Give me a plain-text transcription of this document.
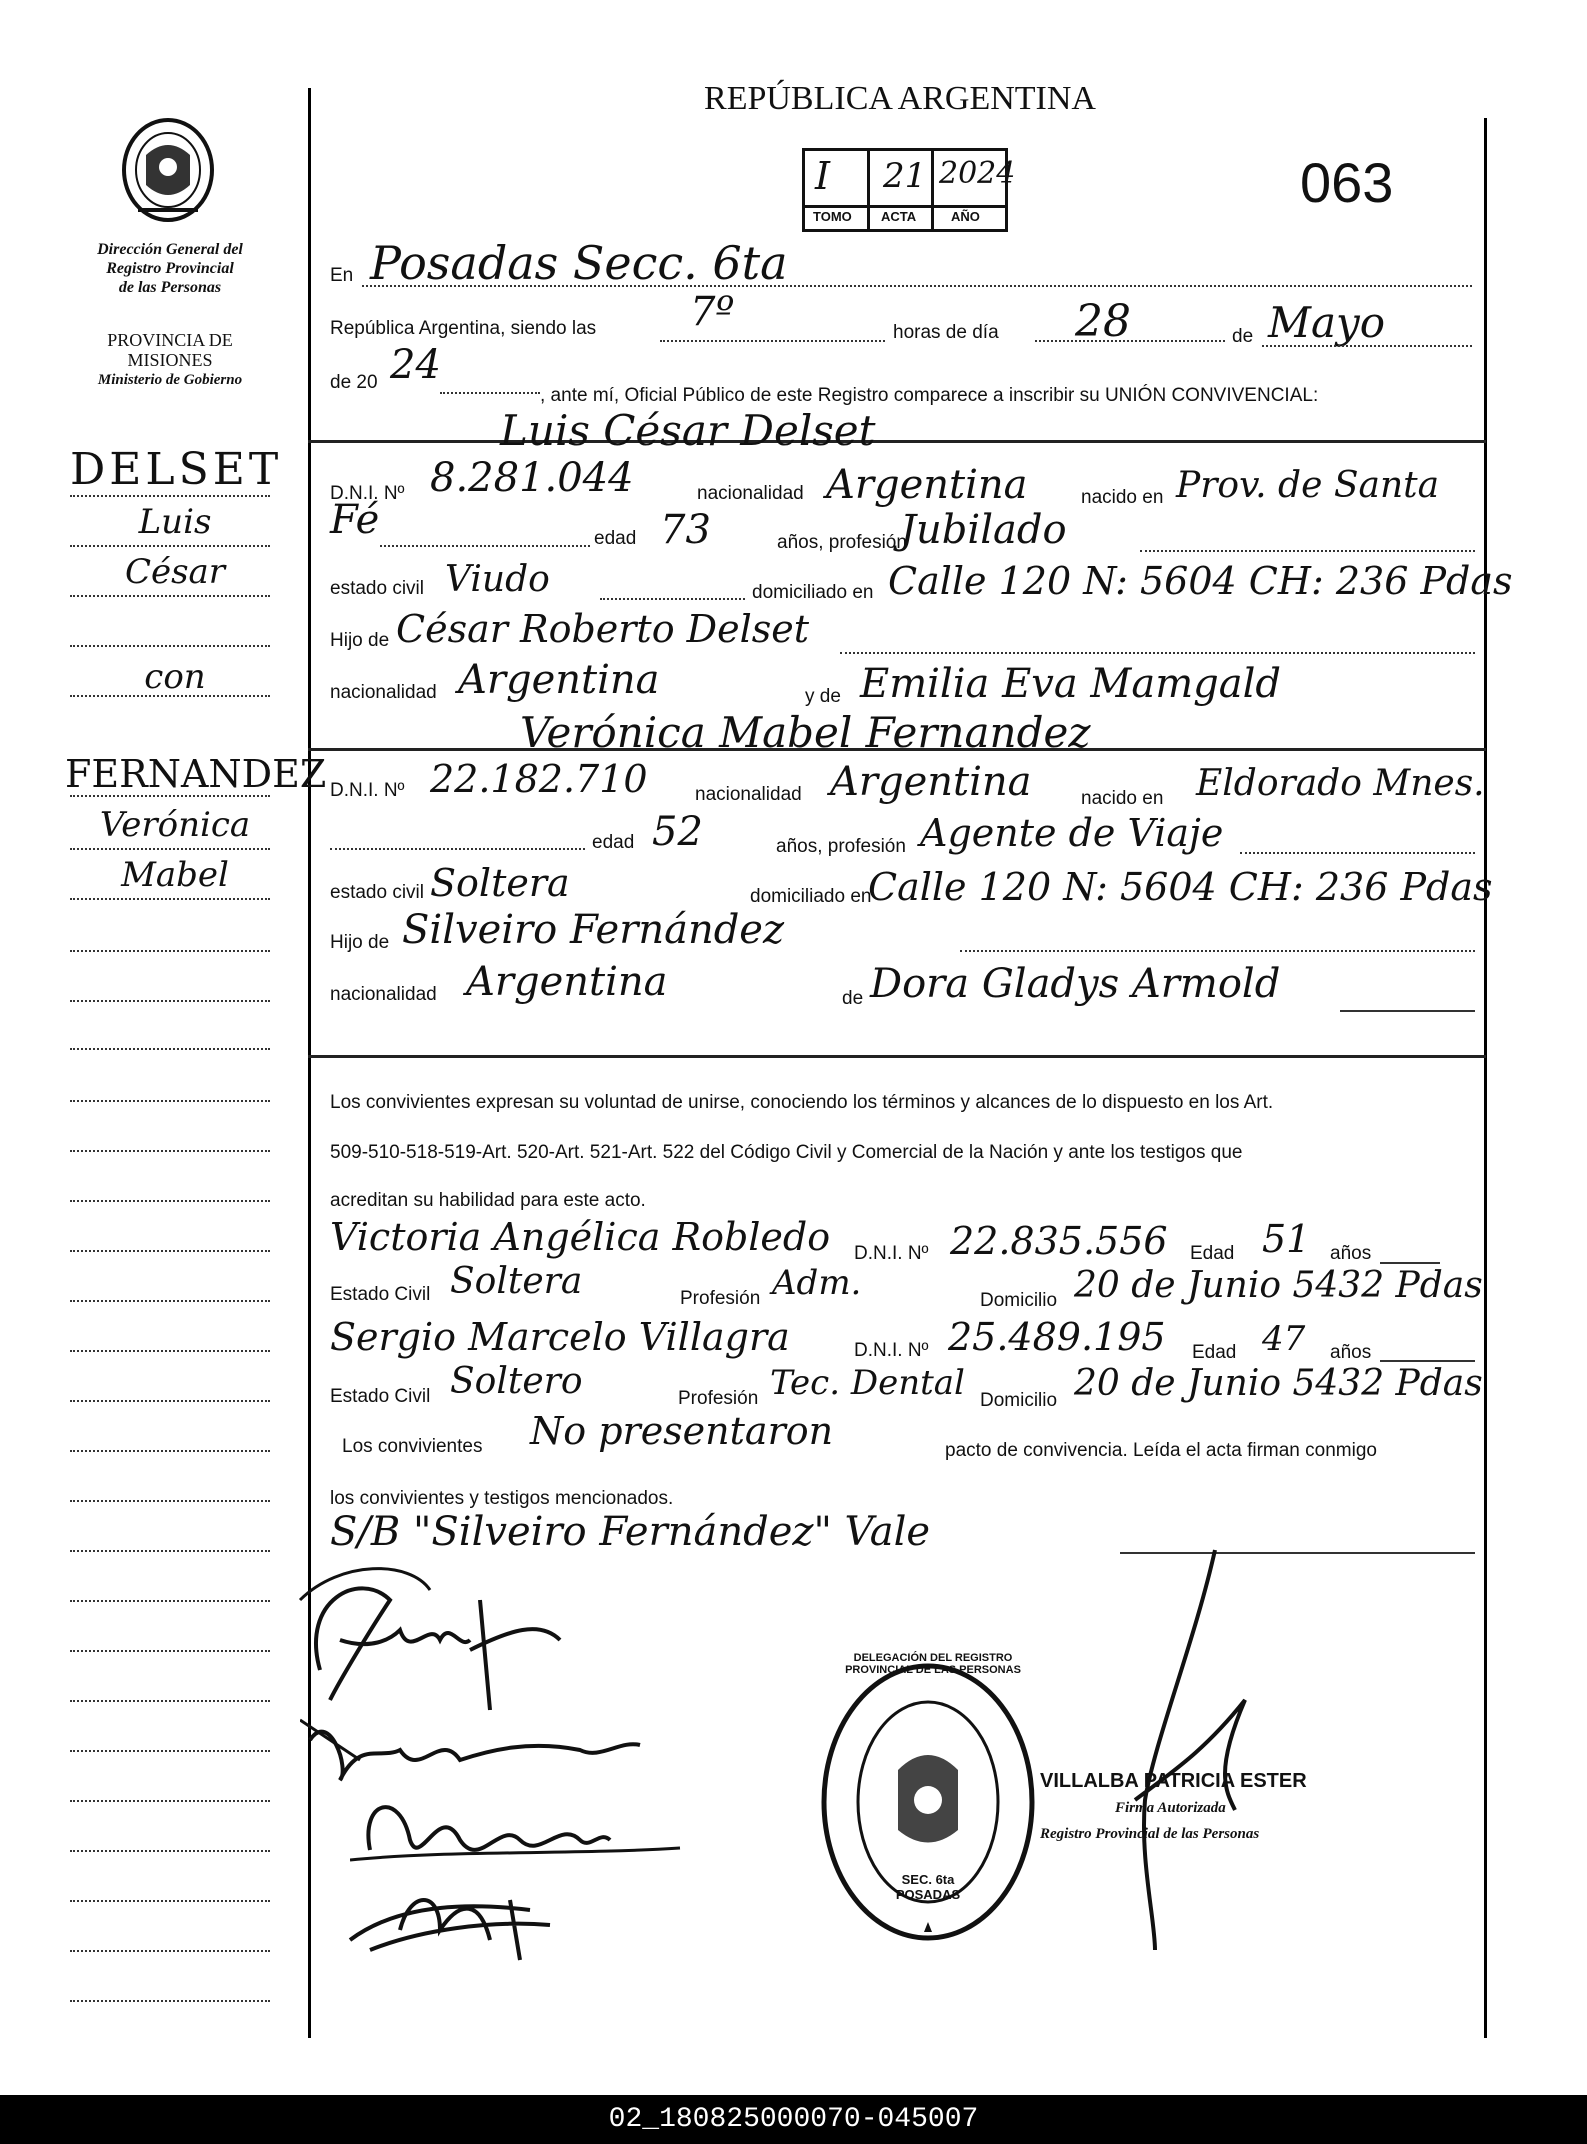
Dirección General del
Registro Provincial
de las Personas
PROVINCIA DE
MISIONES
Ministerio de Gobierno
REPÚBLICA ARGENTINA
063
I 21 2024
TOMO ACTA	AÑO
DELSET
Luis
César
con
FERNANDEZ
Verónica
Mabel
En Posadas Secc. 6ta
República Argentina, siendo las 7º	horas de día 28	de Mayo
de 20 24
, ante mí, Oficial Público de este Registro comparece a inscribir su UNIÓN CONVIVENCIAL:
Luis César Delset
D.N.I. Nº 8.281.044	nacionalidad Argentina	nacido en Prov. de Santa
Fé	edad 73	años, profesión
Jubilado
estado civil Viudo	domiciliado en Calle 120 N: 5604 CH: 236 Pdas
Hijo de César Roberto Delset
nacionalidad Argentina	y de Emilia Eva Mamgald
Verónica Mabel Fernandez
D.N.I. Nº 22.182.710 nacionalidad Argentina	nacido en Eldorado Mnes.
edad 52	años, profesión Agente de Viaje
estado civil Soltera	domiciliado en
Calle 120 N: 5604 CH: 236 Pdas
Hijo de Silveiro Fernández
nacionalidad Argentina	de Dora Gladys Armold
Los convivientes expresan su voluntad de unirse, conociendo los términos y alcances de lo dispuesto en los Art.
509-510-518-519-Art. 520-Art. 521-Art. 522 del Código Civil y Comercial de la Nación y ante los testigos que
acreditan su habilidad para este acto.
Victoria Angélica Robledo D.N.I. Nº 22.835.556 Edad 51 años
Estado Civil Soltera	Profesión Adm.	Domicilio 20 de Junio 5432 Pdas
Sergio Marcelo Villagra	D.N.I. Nº 25.489.195 Edad 47 años
Estado Civil Soltero	Profesión Tec. Dental Domicilio 20 de Junio 5432 Pdas
Los convivientes No presentaron	pacto de convivencia. Leída el acta firman conmigo
los convivientes y testigos mencionados.
S/B "Silveiro Fernández" Vale
DELEGACIÓN DEL REGISTRO PROVINCIAL DE LAS PERSONAS
SEC. 6ta POSADAS
VILLALBA PATRICIA ESTER
Firma Autorizada
Registro Provincial de las Personas
02_180825000070-045007
